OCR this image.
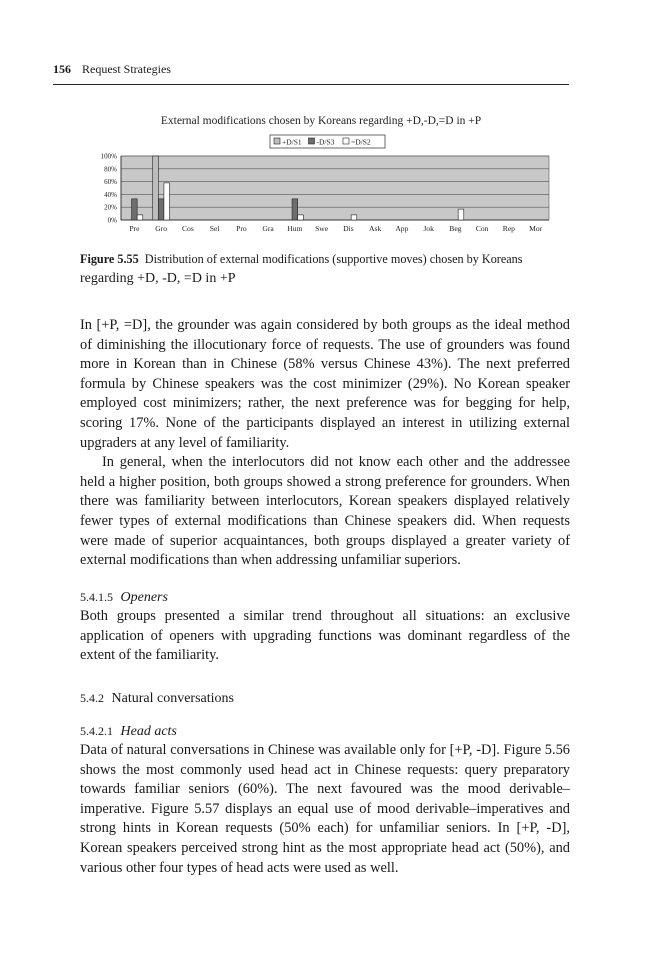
156 Request Strategies
External modifications chosen by Koreans regarding +D,-D,=D in +P
+D/S1 -D/S3 =D/S2
100%
80%
60%
40%
20%
0%
Pre Gro Cos Sel Pro Gra Hum Swe Dis Ask App Jok Beg Con Rep Mor
Figure 5.55 Distribution of external modifications (supportive moves) chosen by Koreans
regarding +D, -D, =D in +P

In [+P, =D], the grounder was again considered by both groups as the ideal method of diminishing the illocutionary force of requests. The use of grounders was found more in Korean than in Chinese (58% versus Chinese 43%). The next preferred formula by Chinese speakers was the cost minimizer (29%). No Korean speaker employed cost minimizers; rather, the next preference was for begging for help, scoring 17%. None of the participants displayed an interest in utilizing external upgraders at any level of familiarity.

In general, when the interlocutors did not know each other and the addressee held a higher position, both groups showed a strong preference for grounders. When there was familiarity between interlocutors, Korean speakers displayed relatively fewer types of external modifications than Chinese speakers did. When requests were made of superior acquaintances, both groups displayed a greater variety of external modifications than when addressing unfamiliar superiors.

5.4.1.5 Openers

Both groups presented a similar trend throughout all situations: an exclusive application of openers with upgrading functions was dominant regardless of the extent of the familiarity.

5.4.2 Natural conversations
5.4.2.1 Head acts

Data of natural conversations in Chinese was available only for [+P, -D]. Figure 5.56 shows the most commonly used head act in Chinese requests: query preparatory towards familiar seniors (60%). The next favoured was the mood derivable–imperative. Figure 5.57 displays an equal use of mood derivable–imperatives and strong hints in Korean requests (50% each) for unfamiliar seniors. In [+P, -D], Korean speakers perceived strong hint as the most appropriate head act (50%), and various other four types of head acts were used as well.
